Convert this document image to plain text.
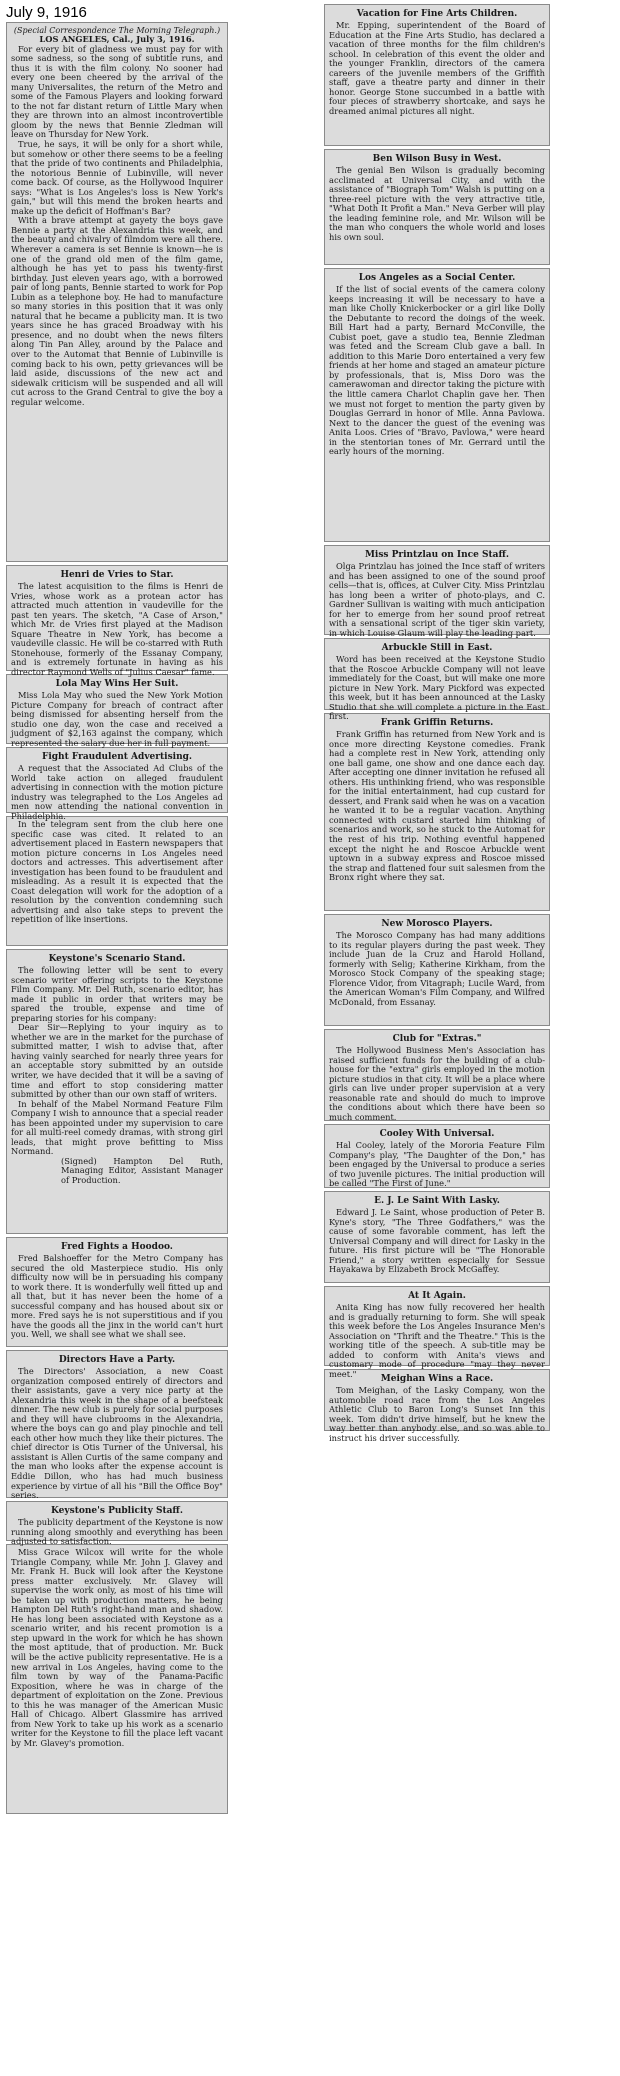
July 9, 1916
(Special Correspondence The Morning Telegraph.)
LOS ANGELES, Cal., July 3, 1916.

For every bit of gladness we must pay for with some sadness, so the song of subtitle runs, and thus it is with the film colony. No sooner had every one been cheered by the arrival of the many Universalites, the return of the Metro and some of the Famous Players and looking forward to the not far distant return of Little Mary when they are thrown into an almost incontrovertible gloom by the news that Bennie Zledman will leave on Thursday for New York.

True, he says, it will be only for a short while, but somehow or other there seems to be a feeling that the pride of two continents and Philadelphia, the notorious Bennie of Lubinville, will never come back. Of course, as the Hollywood Inquirer says: "What is Los Angeles's loss is New York's gain," but will this mend the broken hearts and make up the deficit of Hoffman's Bar?

With a brave attempt at gayety the boys gave Bennie a party at the Alexandria this week, and the beauty and chivalry of filmdom were all there. Wherever a camera is set Bennie is known—he is one of the grand old men of the film game, although he has yet to pass his twenty-first birthday. Just eleven years ago, with a borrowed pair of long pants, Bennie started to work for Pop Lubin as a telephone boy. He had to manufacture so many stories in this position that it was only natural that he became a publicity man. It is two years since he has graced Broadway with his presence, and no doubt when the news filters along Tin Pan Alley, around by the Palace and over to the Automat that Bennie of Lubinville is coming back to his own, petty grievances will be laid aside, discussions of the new act and sidewalk criticism will be suspended and all will cut across to the Grand Central to give the boy a regular welcome.

Henri de Vries to Star.

The latest acquisition to the films is Henri de Vries, whose work as a protean actor has attracted much attention in vaudeville for the past ten years. The sketch, "A Case of Arson," which Mr. de Vries first played at the Madison Square Theatre in New York, has become a vaudeville classic. He will be co-starred with Ruth Stonehouse, formerly of the Essanay Company, and is extremely fortunate in having as his director Raymond Wells of "Julius Caesar" fame.

Lola May Wins Her Suit.

Miss Lola May who sued the New York Motion Picture Company for breach of contract after being dismissed for absenting herself from the studio one day, won the case and received a judgment of $2,163 against the company, which represented the salary due her in full payment.

Fight Fraudulent Advertising.

A request that the Associated Ad Clubs of the World take action on alleged fraudulent advertising in connection with the motion picture industry was telegraphed to the Los Angeles ad men now attending the national convention in Philadelphia.

In the telegram sent from the club here one specific case was cited. It related to an advertisement placed in Eastern newspapers that motion picture concerns in Los Angeles need doctors and actresses. This advertisement after investigation has been found to be fraudulent and misleading. As a result it is expected that the Coast delegation will work for the adoption of a resolution by the convention condemning such advertising and also take steps to prevent the repetition of like insertions.

Keystone's Scenario Stand.

The following letter will be sent to every scenario writer offering scripts to the Keystone Film Company. Mr. Del Ruth, scenario editor, has made it public in order that writers may be spared the trouble, expense and time of preparing stories for his company:

Dear Sir—Replying to your inquiry as to whether we are in the market for the purchase of submitted matter, I wish to advise that, after having vainly searched for nearly three years for an acceptable story submitted by an outside writer, we have decided that it will be a saving of time and effort to stop considering matter submitted by other than our own staff of writers.

In behalf of the Mabel Normand Feature Film Company I wish to announce that a special reader has been appointed under my supervision to care for all multi-reel comedy dramas, with strong girl leads, that might prove befitting to Miss Normand.

(Signed) Hampton Del Ruth, Managing Editor, Assistant Manager of Production.

Fred Fights a Hoodoo.

Fred Balshoeffer for the Metro Company has secured the old Masterpiece studio. His only difficulty now will be in persuading his company to work there. It is wonderfully well fitted up and all that, but it has never been the home of a successful company and has housed about six or more. Fred says he is not superstitious and if you have the goods all the jinx in the world can't hurt you. Well, we shall see what we shall see.

Directors Have a Party.

The Directors' Association, a new Coast organization composed entirely of directors and their assistants, gave a very nice party at the Alexandria this week in the shape of a beefsteak dinner. The new club is purely for social purposes and they will have clubrooms in the Alexandria, where the boys can go and play pinochle and tell each other how much they like their pictures. The chief director is Otis Turner of the Universal, his assistant is Allen Curtis of the same company and the man who looks after the expense account is Eddie Dillon, who has had much business experience by virtue of all his "Bill the Office Boy" series.

Keystone's Publicity Staff.

The publicity department of the Keystone is now running along smoothly and everything has been adjusted to satisfaction.

Miss Grace Wilcox will write for the whole Triangle Company, while Mr. John J. Glavey and Mr. Frank H. Buck will look after the Keystone press matter exclusively. Mr. Glavey will supervise the work only, as most of his time will be taken up with production matters, he being Hampton Del Ruth's right-hand man and shadow. He has long been associated with Keystone as a scenario writer, and his recent promotion is a step upward in the work for which he has shown the most aptitude, that of production. Mr. Buck will be the active publicity representative. He is a new arrival in Los Angeles, having come to the film town by way of the Panama-Pacific Exposition, where he was in charge of the department of exploitation on the Zone. Previous to this he was manager of the American Music Hall of Chicago. Albert Glassmire has arrived from New York to take up his work as a scenario writer for the Keystone to fill the place left vacant by Mr. Glavey's promotion.

Vacation for Fine Arts Children.

Mr. Epping, superintendent of the Board of Education at the Fine Arts Studio, has declared a vacation of three months for the film children's school. In celebration of this event the older and the younger Franklin, directors of the camera careers of the juvenile members of the Griffith staff, gave a theatre party and dinner in their honor. George Stone succumbed in a battle with four pieces of strawberry shortcake, and says he dreamed animal pictures all night.

Ben Wilson Busy in West.

The genial Ben Wilson is gradually becoming acclimated at Universal City, and with the assistance of "Biograph Tom" Walsh is putting on a three-reel picture with the very attractive title, "What Doth It Profit a Man." Neva Gerber will play the leading feminine role, and Mr. Wilson will be the man who conquers the whole world and loses his own soul.

Los Angeles as a Social Center.

If the list of social events of the camera colony keeps increasing it will be necessary to have a man like Cholly Knickerbocker or a girl like Dolly the Debutante to record the doings of the week. Bill Hart had a party, Bernard McConville, the Cubist poet, gave a studio tea, Bennie Zledman was feted and the Scream Club gave a ball. In addition to this Marie Doro entertained a very few friends at her home and staged an amateur picture by professionals, that is, Miss Doro was the camerawoman and director taking the picture with the little camera Charlot Chaplin gave her. Then we must not forget to mention the party given by Douglas Gerrard in honor of Mlle. Anna Pavlowa. Next to the dancer the guest of the evening was Anita Loos. Cries of "Bravo, Pavlowa," were heard in the stentorian tones of Mr. Gerrard until the early hours of the morning.

Miss Printzlau on Ince Staff.

Olga Printzlau has joined the Ince staff of writers and has been assigned to one of the sound proof cells—that is, offices, at Culver City. Miss Printzlau has long been a writer of photo-plays, and C. Gardner Sullivan is waiting with much anticipation for her to emerge from her sound proof retreat with a sensational script of the tiger skin variety, in which Louise Glaum will play the leading part.

Arbuckle Still in East.

Word has been received at the Keystone Studio that the Roscoe Arbuckle Company will not leave immediately for the Coast, but will make one more picture in New York. Mary Pickford was expected this week, but it has been announced at the Lasky Studio that she will complete a picture in the East first.

Frank Griffin Returns.

Frank Griffin has returned from New York and is once more directing Keystone comedies. Frank had a complete rest in New York, attending only one ball game, one show and one dance each day. After accepting one dinner invitation he refused all others. His unthinking friend, who was responsible for the initial entertainment, had cup custard for dessert, and Frank said when he was on a vacation he wanted it to be a regular vacation. Anything connected with custard started him thinking of scenarios and work, so he stuck to the Automat for the rest of his trip. Nothing eventful happened except the night he and Roscoe Arbuckle went uptown in a subway express and Roscoe missed the strap and flattened four suit salesmen from the Bronx right where they sat.

New Morosco Players.

The Morosco Company has had many additions to its regular players during the past week. They include Juan de la Cruz and Harold Holland, formerly with Selig; Katherine Kirkham, from the Morosco Stock Company of the speaking stage; Florence Vidor, from Vitagraph; Lucile Ward, from the American Woman's Film Company, and Wilfred McDonald, from Essanay.

Club for "Extras."

The Hollywood Business Men's Association has raised sufficient funds for the building of a club-house for the "extra" girls employed in the motion picture studios in that city. It will be a place where girls can live under proper supervision at a very reasonable rate and should do much to improve the conditions about which there have been so much comment.

Cooley With Universal.

Hal Cooley, lately of the Mororia Feature Film Company's play, "The Daughter of the Don," has been engaged by the Universal to produce a series of two juvenile pictures. The initial production will be called "The First of June."

E. J. Le Saint With Lasky.

Edward J. Le Saint, whose production of Peter B. Kyne's story, "The Three Godfathers," was the cause of some favorable comment, has left the Universal Company and will direct for Lasky in the future. His first picture will be "The Honorable Friend," a story written especially for Sessue Hayakawa by Elizabeth Brock McGaffey.

At It Again.

Anita King has now fully recovered her health and is gradually returning to form. She will speak this week before the Los Angeles Insurance Men's Association on "Thrift and the Theatre." This is the working title of the speech. A sub-title may be added to conform with Anita's views and customary mode of procedure "may they never meet."

Meighan Wins a Race.

Tom Meighan, of the Lasky Company, won the automobile road race from the Los Angeles Athletic Club to Baron Long's Sunset Inn this week. Tom didn't drive himself, but he knew the way better than anybody else, and so was able to instruct his driver successfully.
